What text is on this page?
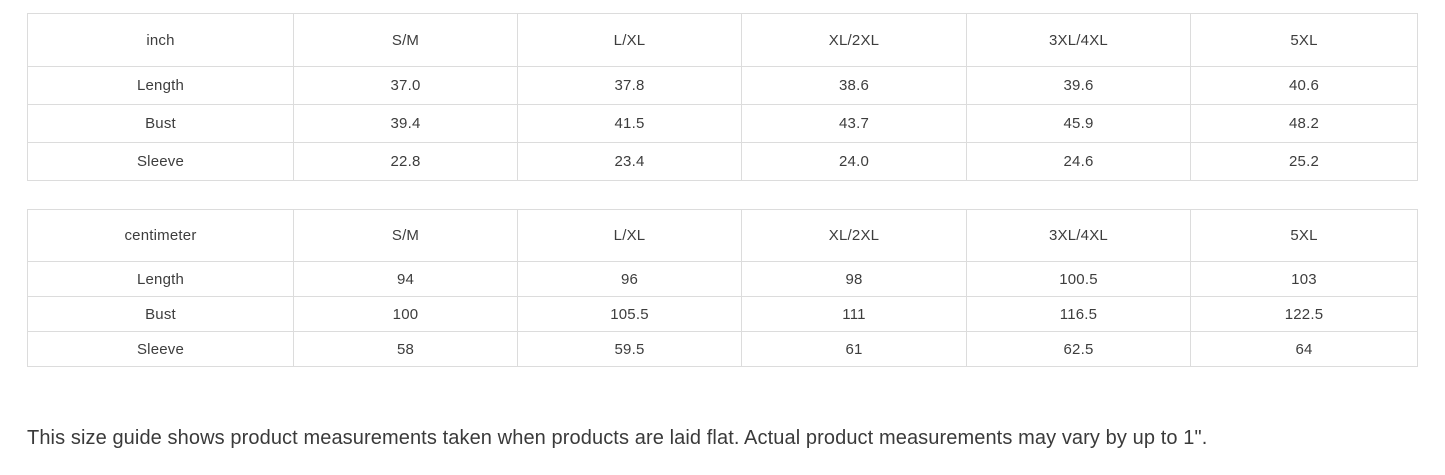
inch	S/M	L/XL	XL/2XL	3XL/4XL	5XL
Length	37.0	37.8	38.6	39.6	40.6
Bust	39.4	41.5	43.7	45.9	48.2
Sleeve	22.8	23.4	24.0	24.6	25.2
centimeter	S/M	L/XL	XL/2XL	3XL/4XL	5XL
Length	94	96	98	100.5	103
Bust	100	105.5	111	116.5	122.5
Sleeve	58	59.5	61	62.5	64

This size guide shows product measurements taken when products are laid flat. Actual product measurements may vary by up to 1".
